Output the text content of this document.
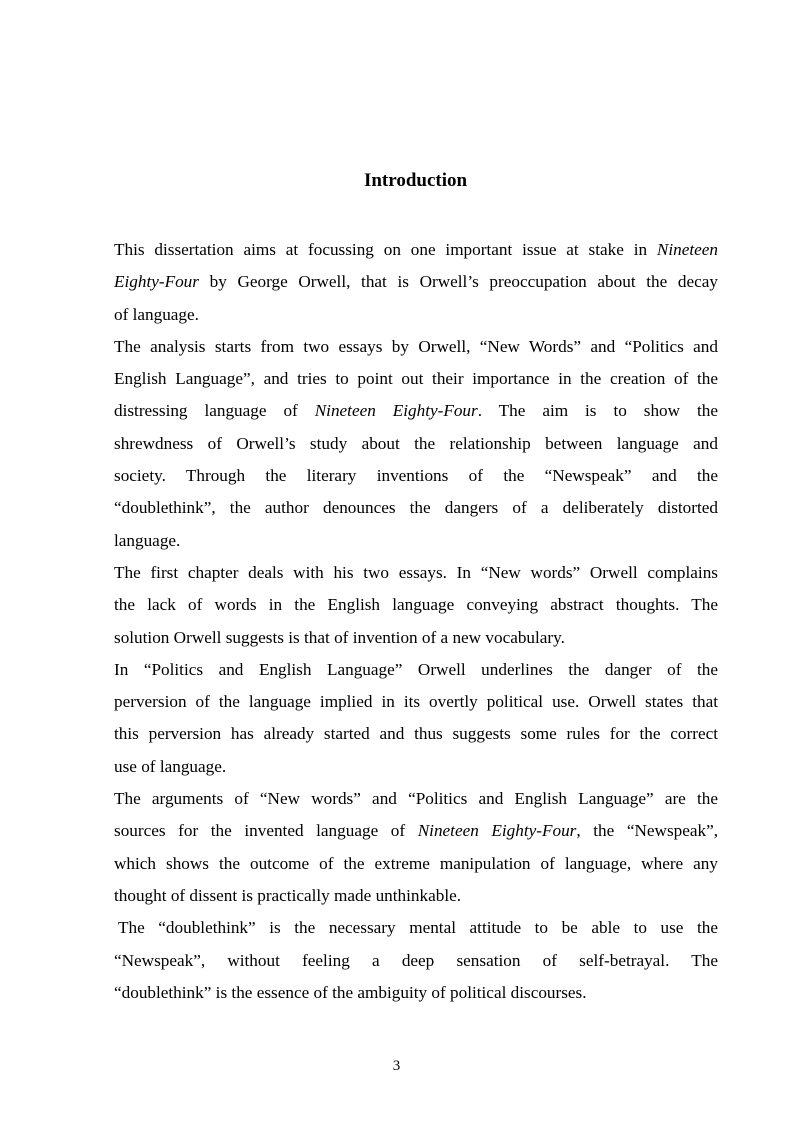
Introduction
This dissertation aims at focussing on one important issue at stake in Nineteen
Eighty-Four by George Orwell, that is Orwell’s preoccupation about the decay
of language.
The analysis starts from two essays by Orwell, “New Words” and “Politics and
English Language”, and tries to point out their importance in the creation of the
distressing language of Nineteen Eighty-Four. The aim is to show the
shrewdness of Orwell’s study about the relationship between language and
society. Through the literary inventions of the “Newspeak” and the
“doublethink”, the author denounces the dangers of a deliberately distorted
language.
The first chapter deals with his two essays. In “New words” Orwell complains
the lack of words in the English language conveying abstract thoughts. The
solution Orwell suggests is that of invention of a new vocabulary.
In “Politics and English Language” Orwell underlines the danger of the
perversion of the language implied in its overtly political use. Orwell states that
this perversion has already started and thus suggests some rules for the correct
use of language.
The arguments of “New words” and “Politics and English Language” are the
sources for the invented language of Nineteen Eighty-Four, the “Newspeak”,
which shows the outcome of the extreme manipulation of language, where any
thought of dissent is practically made unthinkable.
The “doublethink” is the necessary mental attitude to be able to use the
“Newspeak”, without feeling a deep sensation of self-betrayal. The
“doublethink” is the essence of the ambiguity of political discourses.
3
